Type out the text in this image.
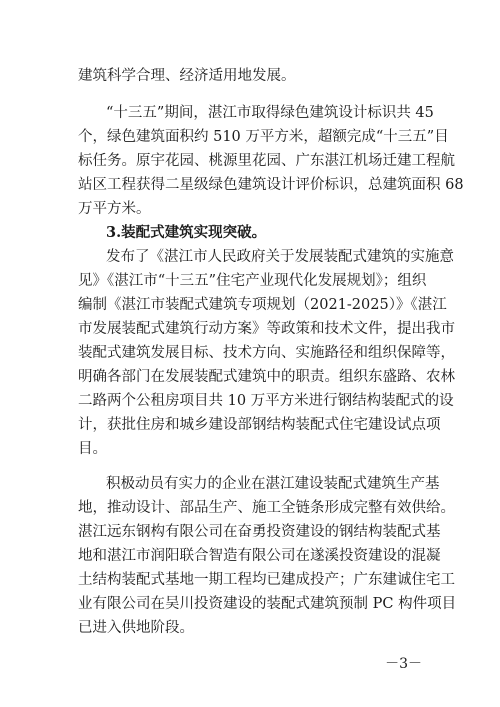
建筑科学合理、经济适用地发展。
“十三五”期间，湛江市取得绿色建筑设计标识共 45
个，绿色建筑面积约 510 万平方米，超额完成“十三五”目
标任务。原宇花园、桃源里花园、广东湛江机场迁建工程航
站区工程获得二星级绿色建筑设计评价标识，总建筑面积 68
万平方米。
3.装配式建筑实现突破。
发布了《湛江市人民政府关于发展装配式建筑的实施意
见》《湛江市“十三五”住宅产业现代化发展规划》；组织
编制《湛江市装配式建筑专项规划（2021-2025）》《湛江
市发展装配式建筑行动方案》等政策和技术文件，提出我市
装配式建筑发展目标、技术方向、实施路径和组织保障等，
明确各部门在发展装配式建筑中的职责。组织东盛路、农林
二路两个公租房项目共 10 万平方米进行钢结构装配式的设
计，获批住房和城乡建设部钢结构装配式住宅建设试点项
目。
积极动员有实力的企业在湛江建设装配式建筑生产基
地，推动设计、部品生产、施工全链条形成完整有效供给。
湛江远东钢构有限公司在奋勇投资建设的钢结构装配式基
地和湛江市润阳联合智造有限公司在遂溪投资建设的混凝
土结构装配式基地一期工程均已建成投产；广东建诚住宅工
业有限公司在吴川投资建设的装配式建筑预制 PC 构件项目
已进入供地阶段。
－3－
